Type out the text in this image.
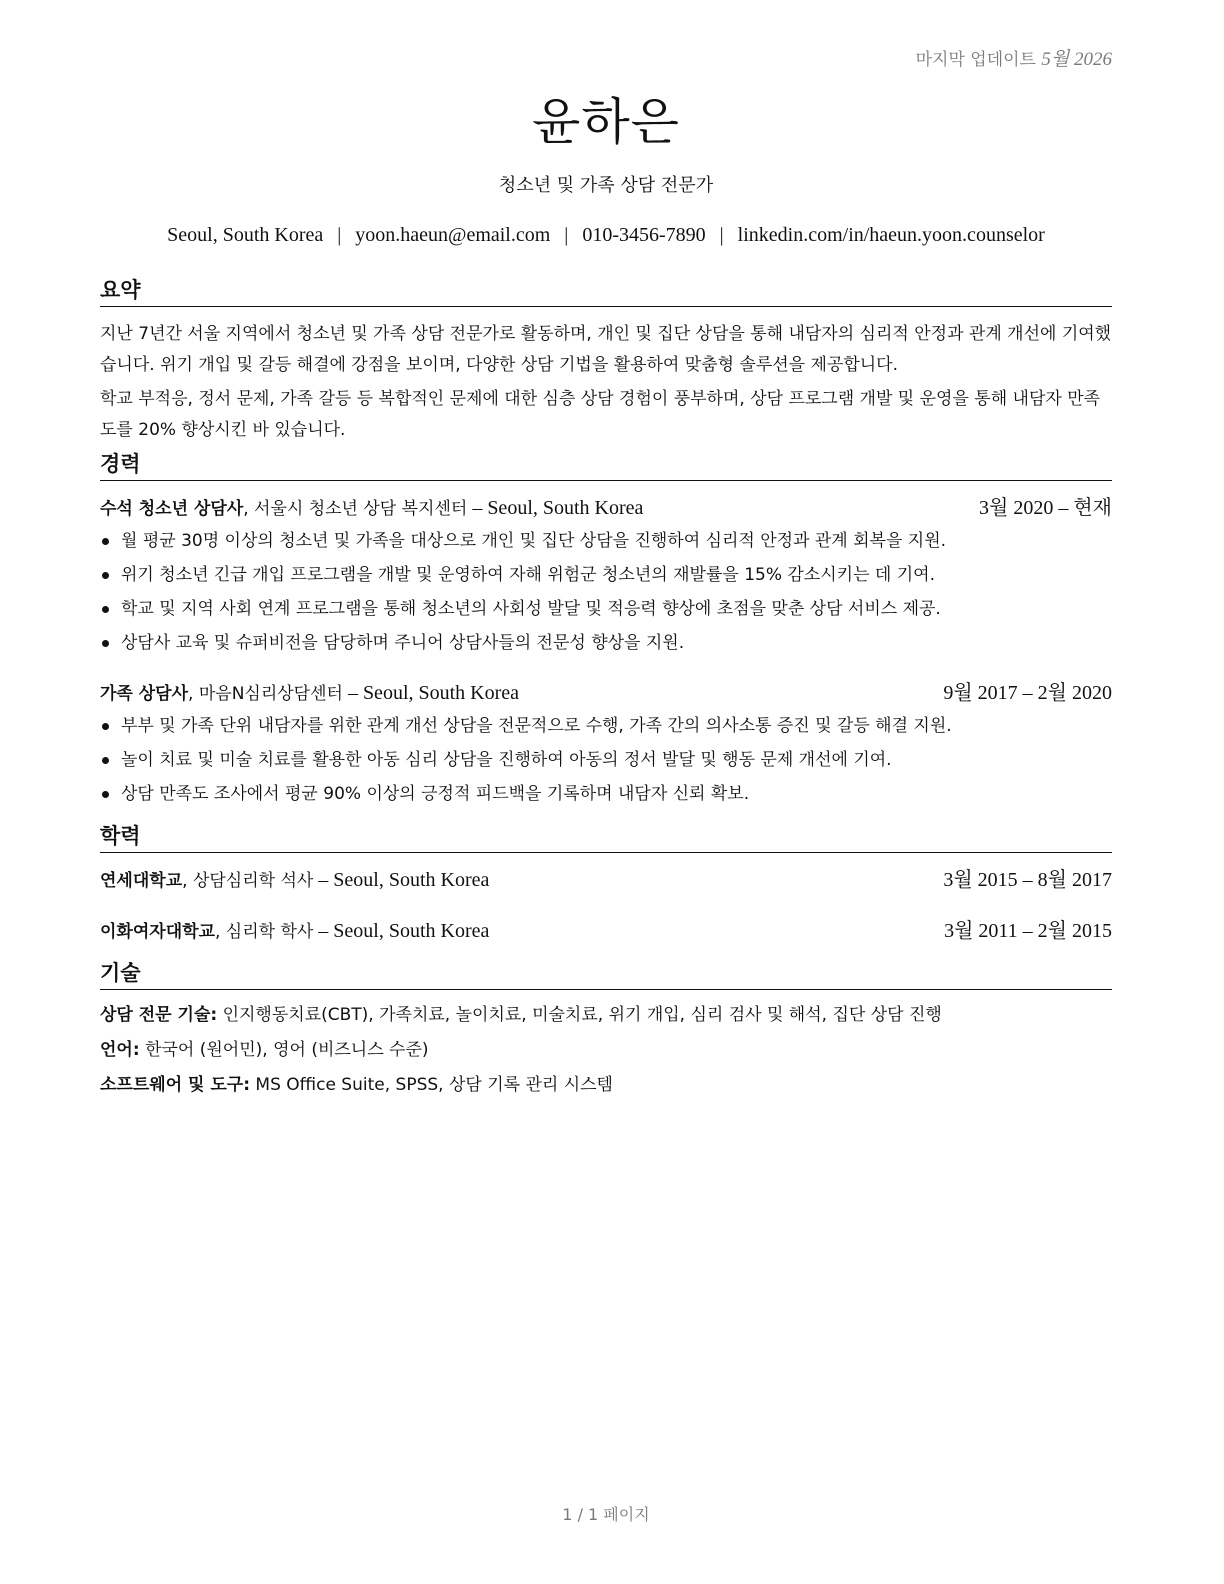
마지막 업데이트 5월 2026
윤하은
청소년 및 가족 상담 전문가
Seoul, South Korea | yoon.haeun@email.com | 010-3456-7890 | linkedin.com/in/haeun.yoon.counselor
요약

지난 7년간 서울 지역에서 청소년 및 가족 상담 전문가로 활동하며, 개인 및 집단 상담을 통해 내담자의 심리적 안정과 관계 개선에 기여했습니다. 위기 개입 및 갈등 해결에 강점을 보이며, 다양한 상담 기법을 활용하여 맞춤형 솔루션을 제공합니다.

학교 부적응, 정서 문제, 가족 갈등 등 복합적인 문제에 대한 심층 상담 경험이 풍부하며, 상담 프로그램 개발 및 운영을 통해 내담자 만족도를 20% 향상시킨 바 있습니다.

경력
수석 청소년 상담사, 서울시 청소년 상담 복지센터 – Seoul, South Korea	3월 2020 – 현재
월 평균 30명 이상의 청소년 및 가족을 대상으로 개인 및 집단 상담을 진행하여 심리적 안정과 관계 회복을 지원.
위기 청소년 긴급 개입 프로그램을 개발 및 운영하여 자해 위험군 청소년의 재발률을 15% 감소시키는 데 기여.
학교 및 지역 사회 연계 프로그램을 통해 청소년의 사회성 발달 및 적응력 향상에 초점을 맞춘 상담 서비스 제공.
상담사 교육 및 슈퍼비전을 담당하며 주니어 상담사들의 전문성 향상을 지원.
가족 상담사, 마음N심리상담센터 – Seoul, South Korea	9월 2017 – 2월 2020
부부 및 가족 단위 내담자를 위한 관계 개선 상담을 전문적으로 수행, 가족 간의 의사소통 증진 및 갈등 해결 지원.
놀이 치료 및 미술 치료를 활용한 아동 심리 상담을 진행하여 아동의 정서 발달 및 행동 문제 개선에 기여.
상담 만족도 조사에서 평균 90% 이상의 긍정적 피드백을 기록하며 내담자 신뢰 확보.
학력
연세대학교, 상담심리학 석사 – Seoul, South Korea	3월 2015 – 8월 2017
이화여자대학교, 심리학 학사 – Seoul, South Korea	3월 2011 – 2월 2015
기술
상담 전문 기술: 인지행동치료(CBT), 가족치료, 놀이치료, 미술치료, 위기 개입, 심리 검사 및 해석, 집단 상담 진행
언어: 한국어 (원어민), 영어 (비즈니스 수준)
소프트웨어 및 도구: MS Office Suite, SPSS, 상담 기록 관리 시스템
1 / 1 페이지
